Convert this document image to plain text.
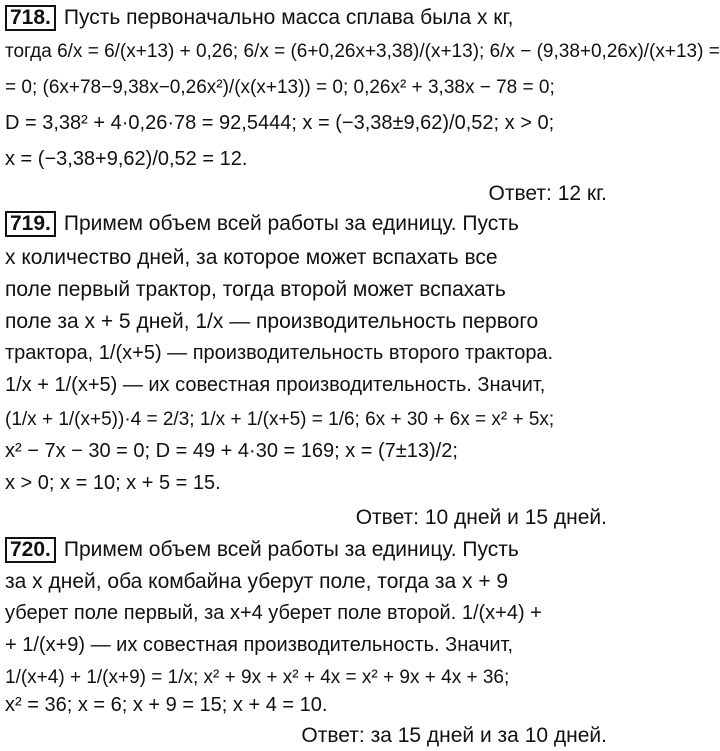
718. Пусть первоначально масса сплава была x кг,
тогда 6/x = 6/(x+13) + 0,26; 6/x = (6+0,26x+3,38)/(x+13); 6/x − (9,38+0,26x)/(x+13) =
= 0; (6x+78−9,38x−0,26x²)/(x(x+13)) = 0; 0,26x² + 3,38x − 78 = 0;
D = 3,38² + 4·0,26·78 = 92,5444; x = (−3,38±9,62)/0,52; x > 0;
x = (−3,38+9,62)/0,52 = 12.
Ответ: 12 кг.
719. Примем объем всей работы за единицу. Пусть
x количество дней, за которое может вспахать все
поле первый трактор, тогда второй может вспахать
поле за x + 5 дней, 1/x — производительность первого
трактора, 1/(x+5) — производительность второго трактора.
1/x + 1/(x+5) — их совестная производительность. Значит,
(1/x + 1/(x+5))·4 = 2/3; 1/x + 1/(x+5) = 1/6; 6x + 30 + 6x = x² + 5x;
x² − 7x − 30 = 0; D = 49 + 4·30 = 169; x = (7±13)/2;
x > 0; x = 10; x + 5 = 15.
Ответ: 10 дней и 15 дней.
720. Примем объем всей работы за единицу. Пусть
за x дней, оба комбайна уберут поле, тогда за x + 9
уберет поле первый, за x+4 уберет поле второй. 1/(x+4) +
+ 1/(x+9) — их совестная производительность. Значит,
1/(x+4) + 1/(x+9) = 1/x; x² + 9x + x² + 4x = x² + 9x + 4x + 36;
x² = 36; x = 6; x + 9 = 15; x + 4 = 10.
Ответ: за 15 дней и за 10 дней.
